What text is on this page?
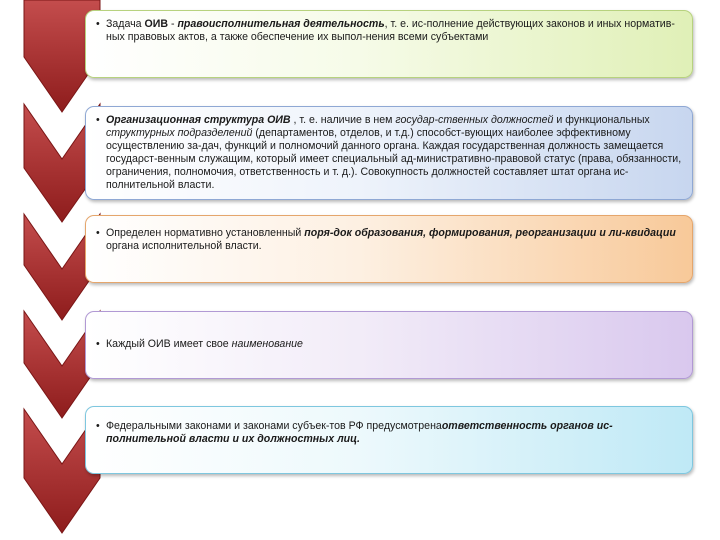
• Задача ОИВ - правоисполнительная деятельность, т. е. ис-полнение действующих законов и иных норматив-ных правовых актов, а также обеспечение их выпол-нения всеми субъектами

• Организационная структура ОИВ , т. е. наличие в нем государ-ственных должностей и функциональных структурных подразделений (департаментов, отделов, и т.д.) способст-вующих наиболее эффективному осуществлению за-дач, функций и полномочий данного органа. Каждая государственная должность замещается госудаρст-венным служащим, который имеет специальный ад-министративно-правовой статус (права, обязанности, ограничения, полномочия, ответственность и т. д.). Совокупность должностей составляет штат органа ис-полнительной власти.

• Определен нормативно установленный поря-док образования, формирования, реорганизации и ли-квидации органа исполнительной власти.

• Каждый ОИВ имеет свое наименование

• Федеральными законами и законами субъек-тов РФ предусмотренаответственность органов ис-полнительной власти и их должностных лиц.
